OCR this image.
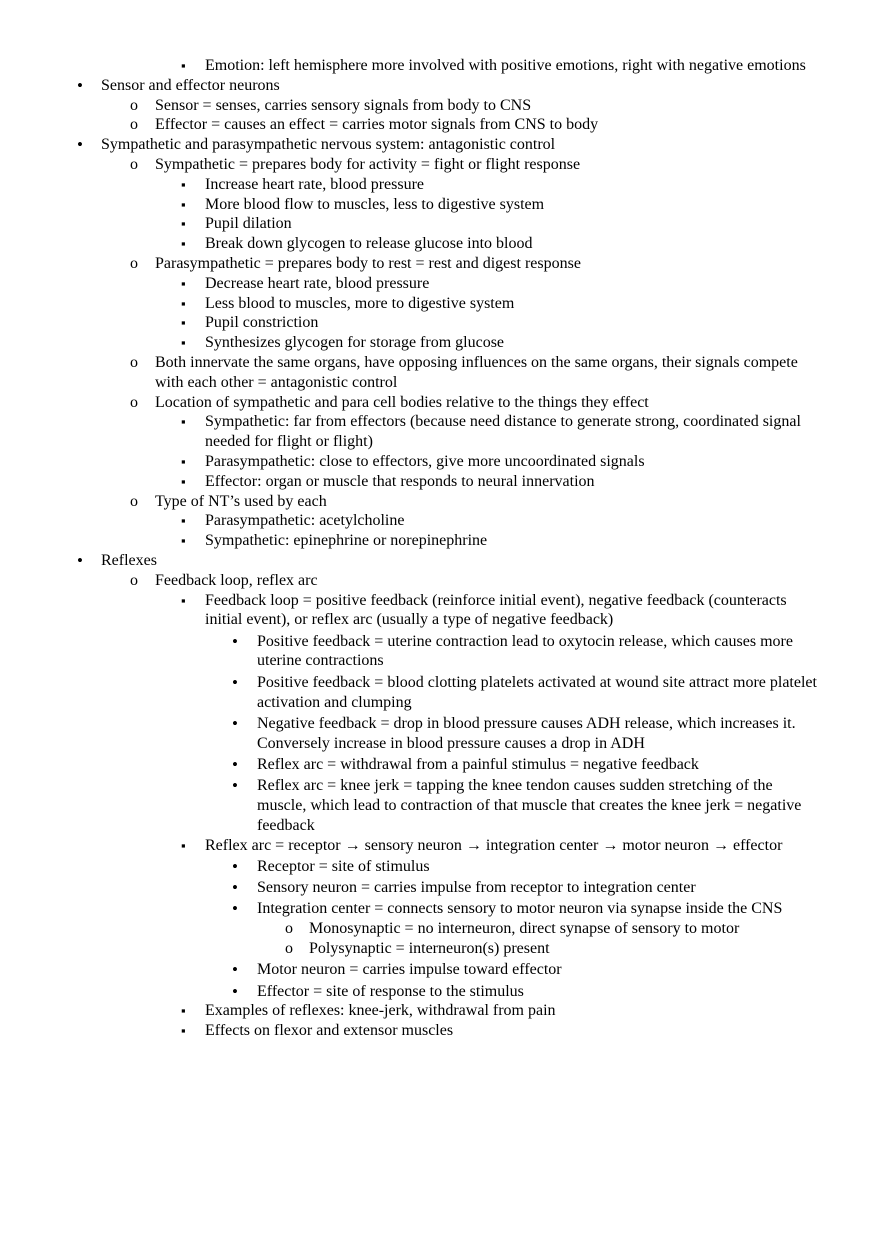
▪ Emotion: left hemisphere more involved with positive emotions, right with negative emotions
• Sensor and effector neurons
o Sensor = senses, carries sensory signals from body to CNS
o Effector = causes an effect = carries motor signals from CNS to body
• Sympathetic and parasympathetic nervous system: antagonistic control
o Sympathetic = prepares body for activity = fight or flight response
▪ Increase heart rate, blood pressure
▪ More blood flow to muscles, less to digestive system
▪ Pupil dilation
▪ Break down glycogen to release glucose into blood
o Parasympathetic = prepares body to rest = rest and digest response
▪ Decrease heart rate, blood pressure
▪ Less blood to muscles, more to digestive system
▪ Pupil constriction
▪ Synthesizes glycogen for storage from glucose
o Both innervate the same organs, have opposing influences on the same organs, their signals compete with each other = antagonistic control
o Location of sympathetic and para cell bodies relative to the things they effect
▪ Sympathetic: far from effectors (because need distance to generate strong, coordinated signal needed for flight or flight)
▪ Parasympathetic: close to effectors, give more uncoordinated signals
▪ Effector: organ or muscle that responds to neural innervation
o Type of NT’s used by each
▪ Parasympathetic: acetylcholine
▪ Sympathetic: epinephrine or norepinephrine
• Reflexes
o Feedback loop, reflex arc
▪ Feedback loop = positive feedback (reinforce initial event), negative feedback (counteracts initial event), or reflex arc (usually a type of negative feedback)
• Positive feedback = uterine contraction lead to oxytocin release, which causes more uterine contractions
• Positive feedback = blood clotting platelets activated at wound site attract more platelet activation and clumping
• Negative feedback = drop in blood pressure causes ADH release, which increases it. Conversely increase in blood pressure causes a drop in ADH
• Reflex arc = withdrawal from a painful stimulus = negative feedback
• Reflex arc = knee jerk = tapping the knee tendon causes sudden stretching of the muscle, which lead to contraction of that muscle that creates the knee jerk = negative feedback
▪ Reflex arc = receptor → sensory neuron → integration center → motor neuron → effector
• Receptor = site of stimulus
• Sensory neuron = carries impulse from receptor to integration center
• Integration center = connects sensory to motor neuron via synapse inside the CNS
o Monosynaptic = no interneuron, direct synapse of sensory to motor
o Polysynaptic = interneuron(s) present
• Motor neuron = carries impulse toward effector
• Effector = site of response to the stimulus
▪ Examples of reflexes: knee-jerk, withdrawal from pain
▪ Effects on flexor and extensor muscles
